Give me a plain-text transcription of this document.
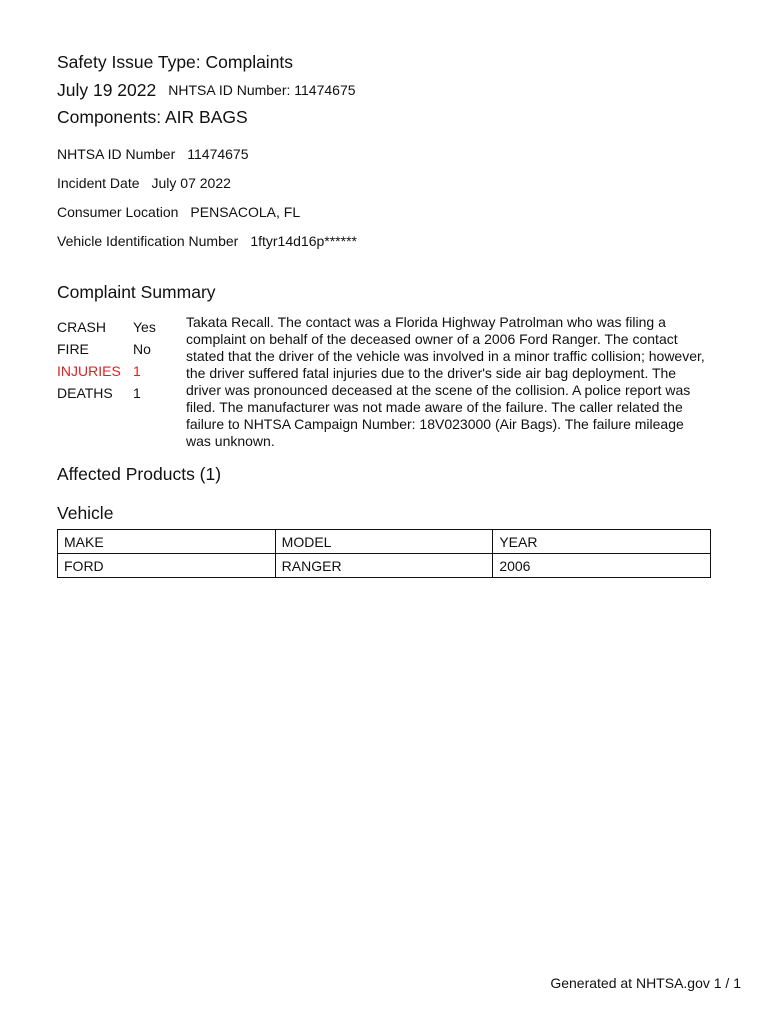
Safety Issue Type: Complaints
July 19 2022 NHTSA ID Number: 11474675
Components: AIR BAGS
NHTSA ID Number 11474675
Incident Date July 07 2022
Consumer Location PENSACOLA, FL
Vehicle Identification Number 1ftyr14d16p******
Complaint Summary
CRASH	Yes
FIRE	No
INJURIES 1
DEATHS	1
Takata Recall. The contact was a Florida Highway Patrolman who was filing a complaint on behalf of the deceased owner of a 2006 Ford Ranger. The contact stated that the driver of the vehicle was involved in a minor traffic collision; however, the driver suffered fatal injuries due to the driver's side air bag deployment. The driver was pronounced deceased at the scene of the collision. A police report was filed. The manufacturer was not made aware of the failure. The caller related the failure to NHTSA Campaign Number: 18V023000 (Air Bags). The failure mileage was unknown.
Affected Products (1)
Vehicle
MAKE	MODEL	YEAR
FORD	RANGER	2006
Generated at NHTSA.gov 1 / 1
